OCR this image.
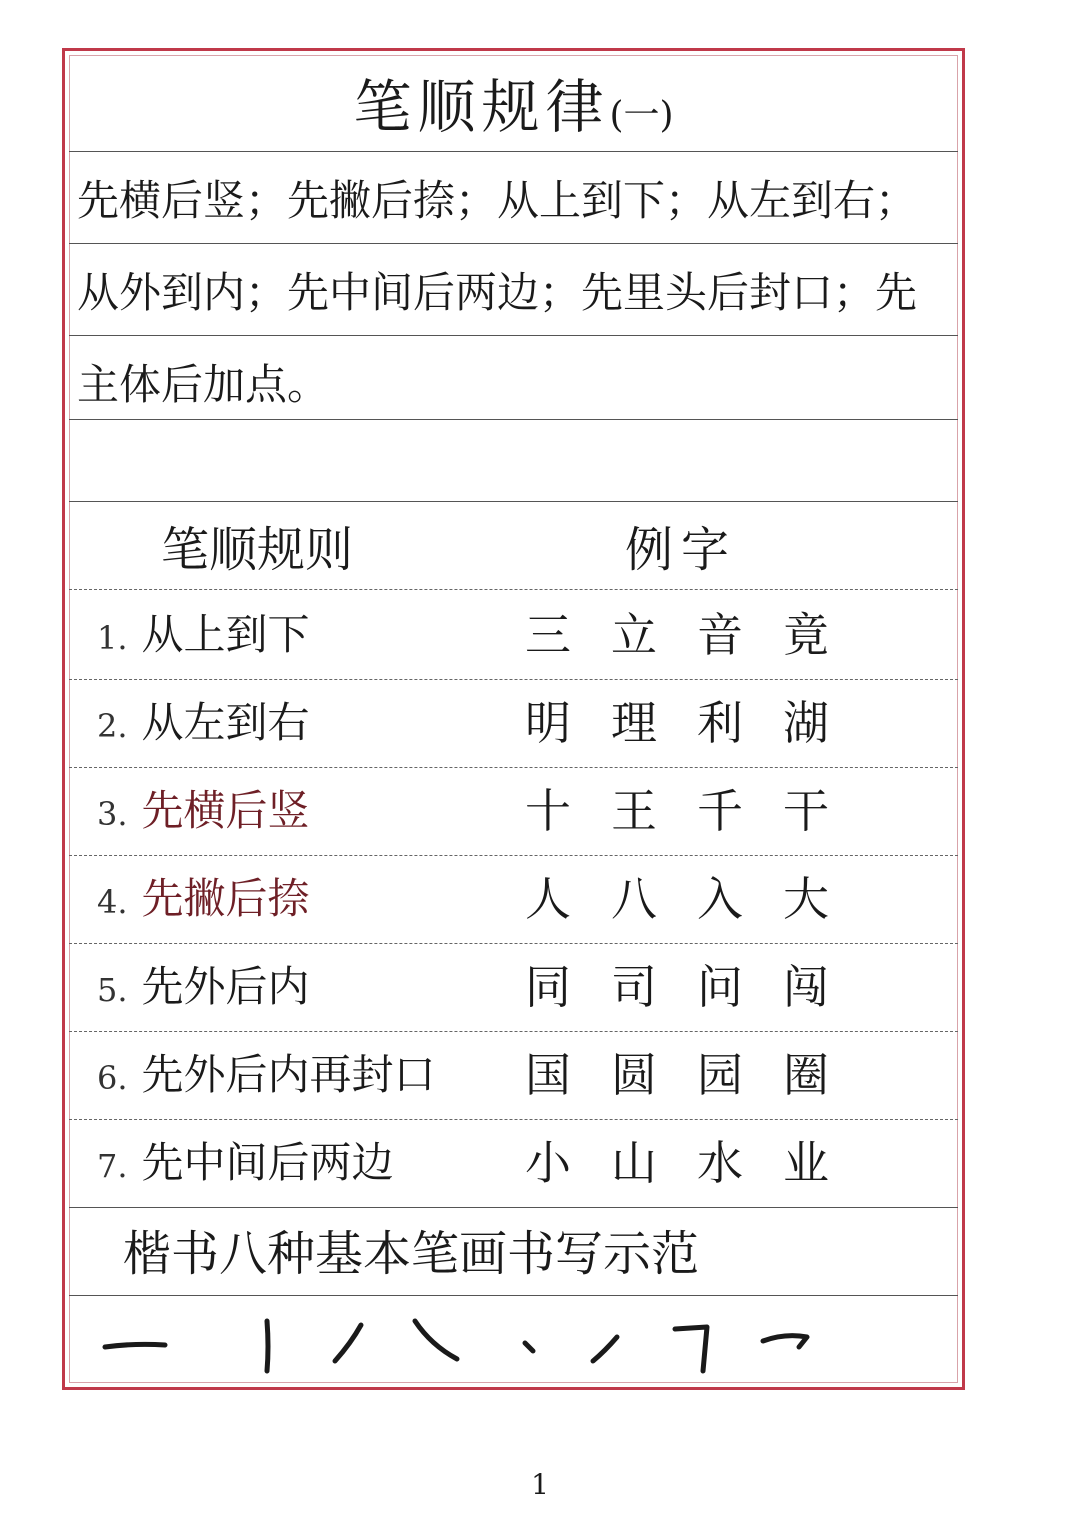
笔顺规律(一)
先横后竖；先撇后捺；从上到下；从左到右；
从外到内；先中间后两边；先里头后封口；先
主体后加点。
笔顺规则	例字
1. 从上到下	三 立 音 竟
2. 从左到右	明 理 利 湖
3. 先横后竖	十 王 千 干
4. 先撇后捺	人 八 入 大
5. 先外后内	同 司 问 闯
6. 先外后内再封口	国 圆 园 圈
7. 先中间后两边	小 山 水 业
楷书八种基本笔画书写示范
1
